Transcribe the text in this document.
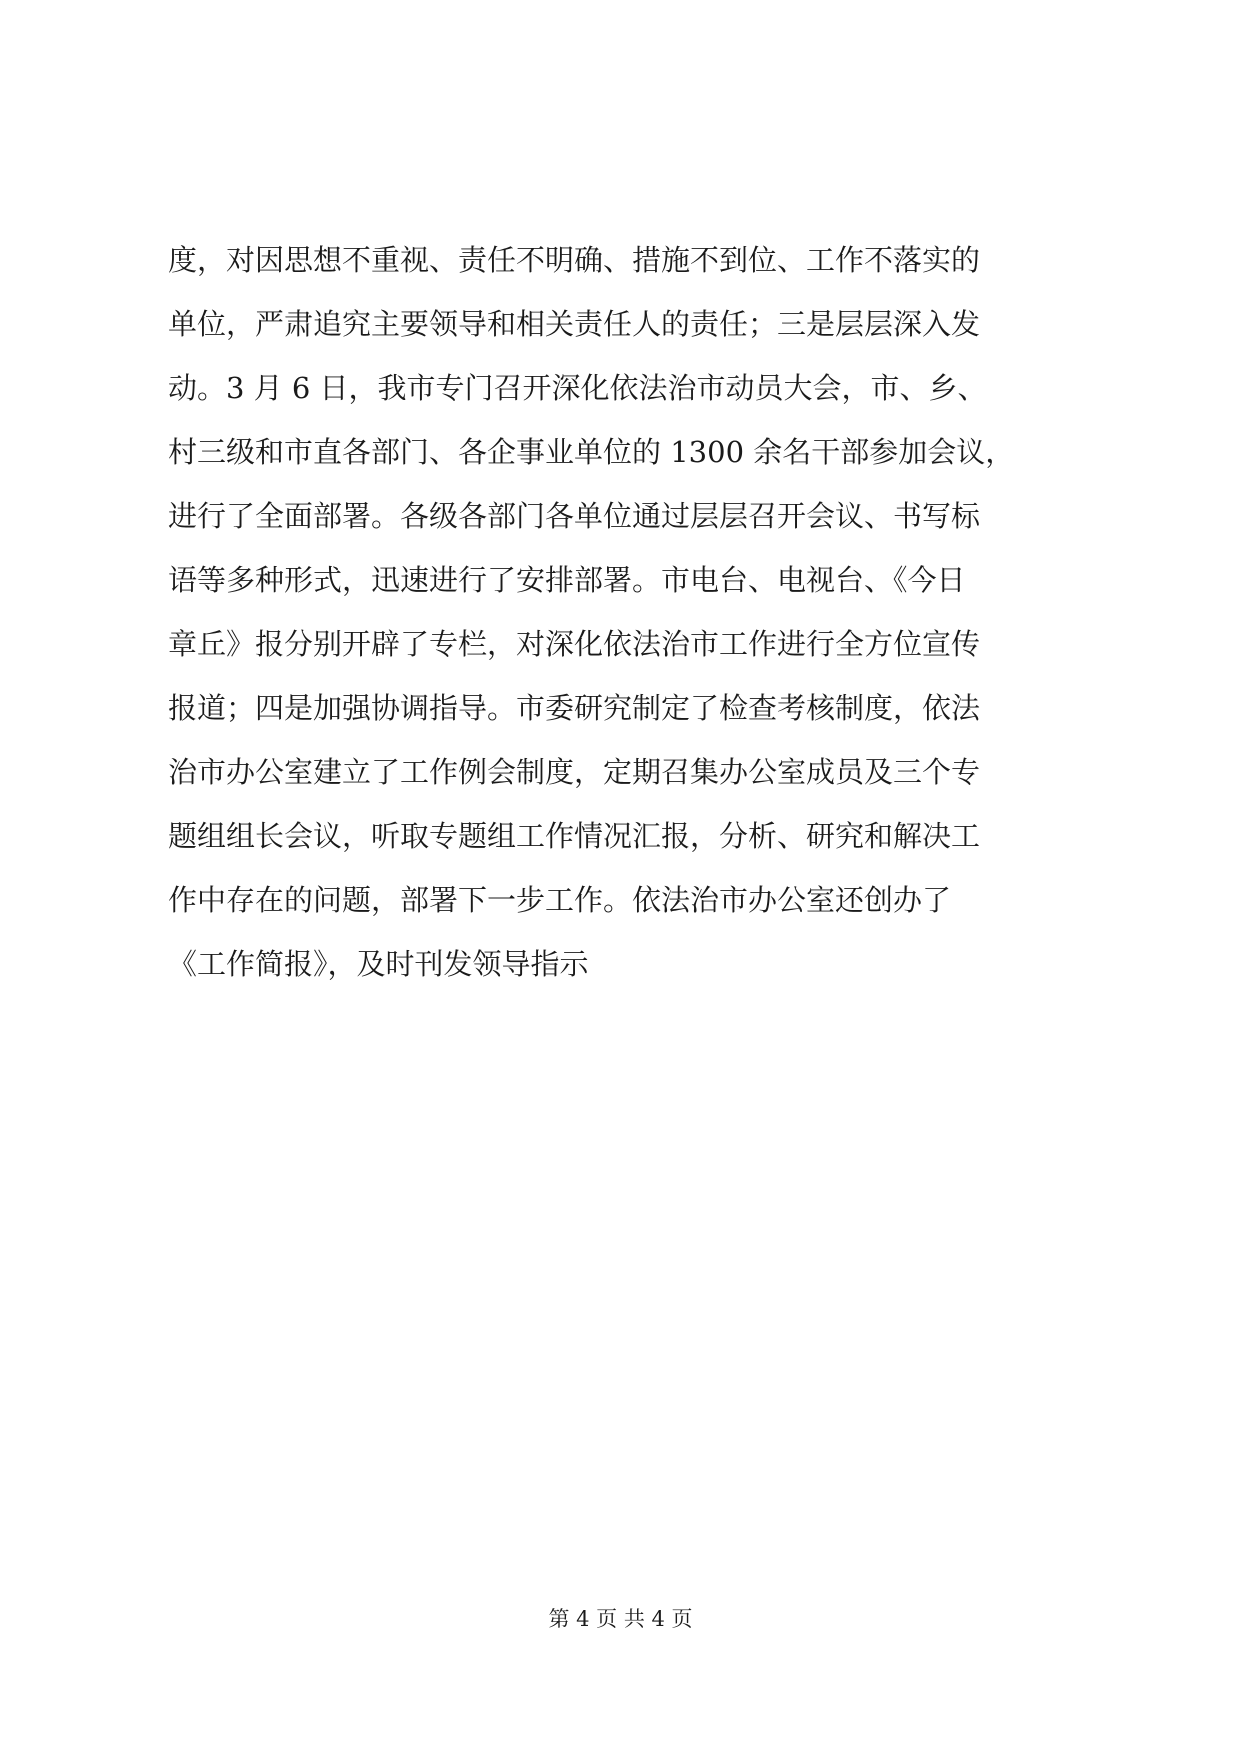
度，对因思想不重视、责任不明确、措施不到位、工作不落实的

单位，严肃追究主要领导和相关责任人的责任；三是层层深入发

动。3 月 6 日，我市专门召开深化依法治市动员大会，市、乡、

村三级和市直各部门、各企事业单位的 1300 余名干部参加会议，

进行了全面部署。各级各部门各单位通过层层召开会议、书写标

语等多种形式，迅速进行了安排部署。市电台、电视台、《今日

章丘》报分别开辟了专栏，对深化依法治市工作进行全方位宣传

报道；四是加强协调指导。市委研究制定了检查考核制度，依法

治市办公室建立了工作例会制度，定期召集办公室成员及三个专

题组组长会议，听取专题组工作情况汇报，分析、研究和解决工

作中存在的问题，部署下一步工作。依法治市办公室还创办了

《工作简报》，及时刊发领导指示

第 4 页 共 4 页
